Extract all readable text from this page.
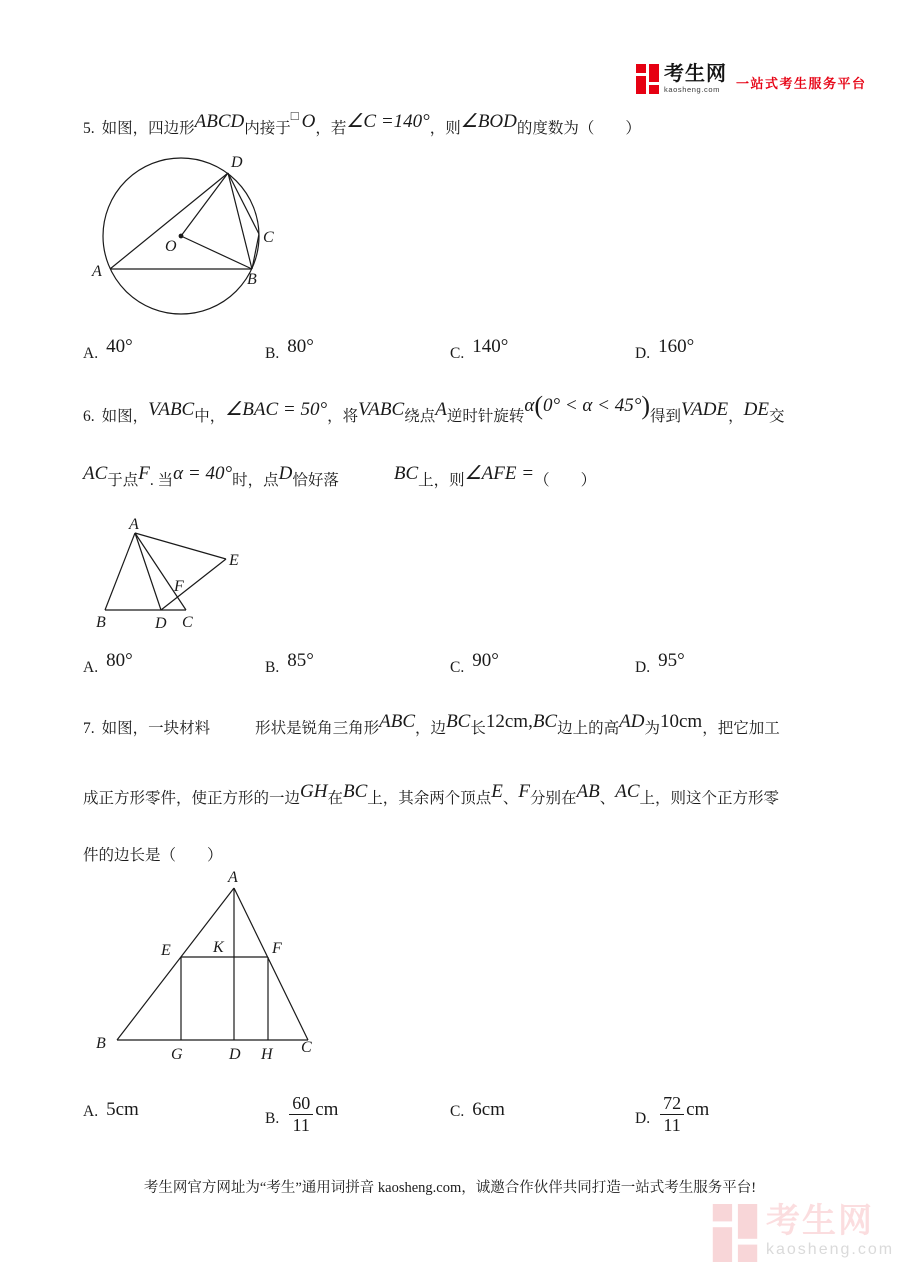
考生网
kaosheng.com	一站式考生服务平台
5. 如图，四边形ABCD内接于□ O，若∠C =140°，则∠BOD的度数为（　　）
A	B
C
D
O
A. 40°	B. 80°	C. 140°	D. 160°
6. 如图，VABC中，∠BAC = 50°，将VABC绕点A逆时针旋转α(0° < α < 45°)得到VADE，DE交
AC于点F. 当α = 40°时，点D恰好落	BC上，则∠AFE =（　　）
A
B	D C
E
F
A. 80°	B. 85°	C. 90°	D. 95°
7. 如图，一块材料	形状是锐角三角形ABC，边BC长12cm,BC边上的高AD为10cm，把它加工
成正方形零件，使正方形的一边GH在BC上，其余两个顶点E、F分别在AB、AC上，则这个正方形零
件的边长是（　　）
A
B	C
G	D H
E	K	F
A. 5cm	B. $\frac{60}{11}$ cm	C. 6cm	D. $\frac{72}{11}$ cm
考生网官方网址为“考生”通用词拼音 kaosheng.com，诚邀合作伙伴共同打造一站式考生服务平台!
考生网
kaosheng.com
